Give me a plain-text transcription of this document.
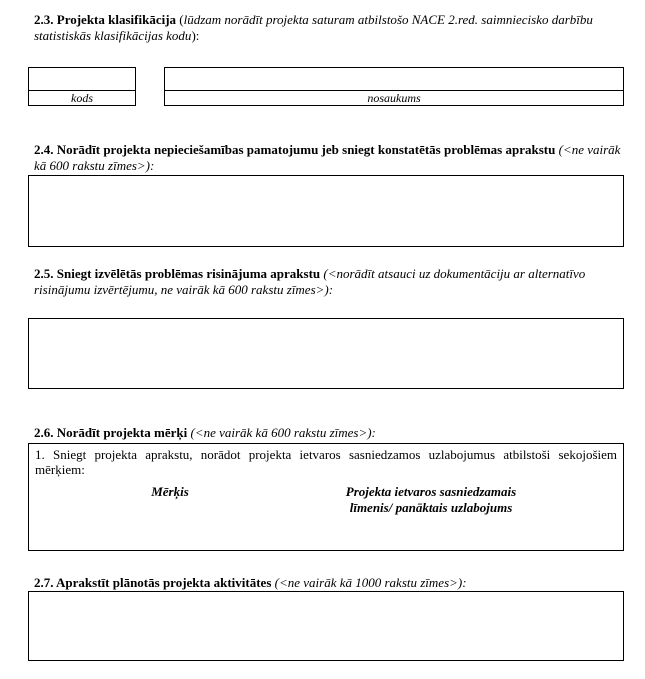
2.3. Projekta klasifikācija (lūdzam norādīt projekta saturam atbilstošo NACE 2.red. saimniecisko darbību statistiskās klasifikācijas kodu):
kods	nosaukums
2.4. Norādīt projekta nepieciešamības pamatojumu jeb sniegt konstatētās problēmas aprakstu (<ne vairāk kā 600 rakstu zīmes>):
2.5. Sniegt izvēlētās problēmas risinājuma aprakstu (<norādīt atsauci uz dokumentāciju ar alternatīvo risinājumu izvērtējumu, ne vairāk kā 600 rakstu zīmes>):
2.6. Norādīt projekta mērķi (<ne vairāk kā 600 rakstu zīmes>):
1. Sniegt projekta aprakstu, norādot projekta ietvaros sasniedzamos uzlabojumus atbilstoši sekojošiem mērķiem:
Mērķis	Projekta ietvaros sasniedzamais
līmenis/ panāktais uzlabojums
2.7. Aprakstīt plānotās projekta aktivitātes (<ne vairāk kā 1000 rakstu zīmes>):
